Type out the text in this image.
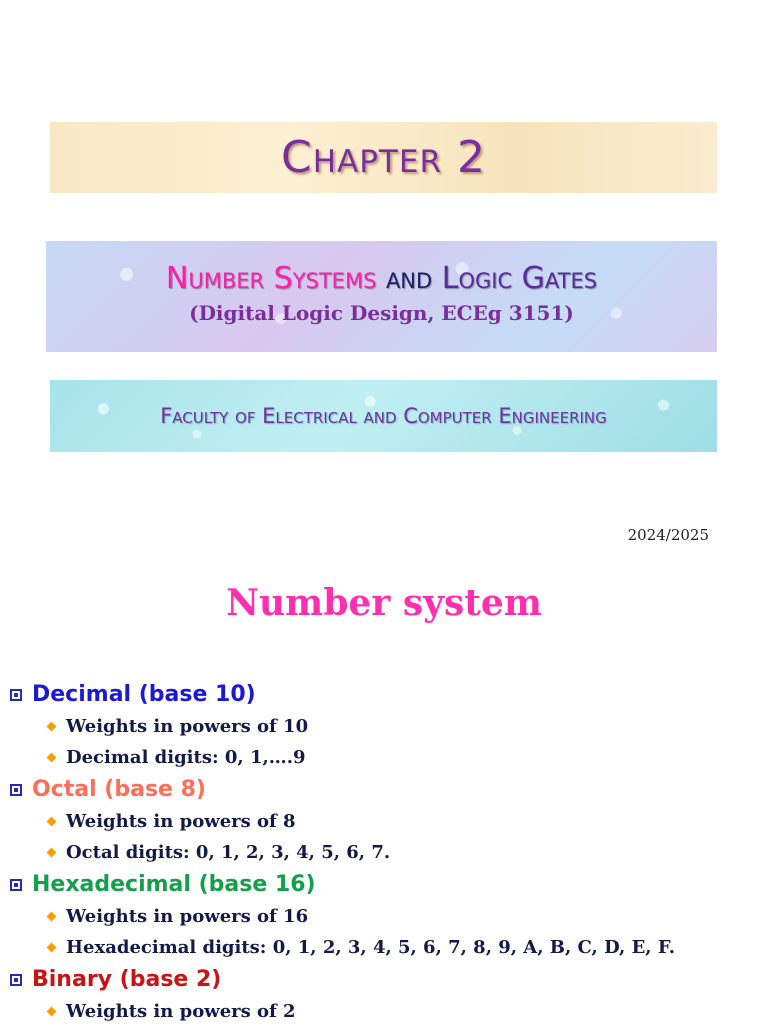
Chapter 2
Number Systems and Logic Gates
(Digital Logic Design, ECEg 3151)
Faculty of Electrical and Computer Engineering
2024/2025
Number system
Decimal (base 10)
Weights in powers of 10
Decimal digits: 0, 1,….9
Octal (base 8)
Weights in powers of 8
Octal digits: 0, 1, 2, 3, 4, 5, 6, 7.
Hexadecimal (base 16)
Weights in powers of 16
Hexadecimal digits: 0, 1, 2, 3, 4, 5, 6, 7, 8, 9, A, B, C, D, E, F.
Binary (base 2)
Weights in powers of 2
